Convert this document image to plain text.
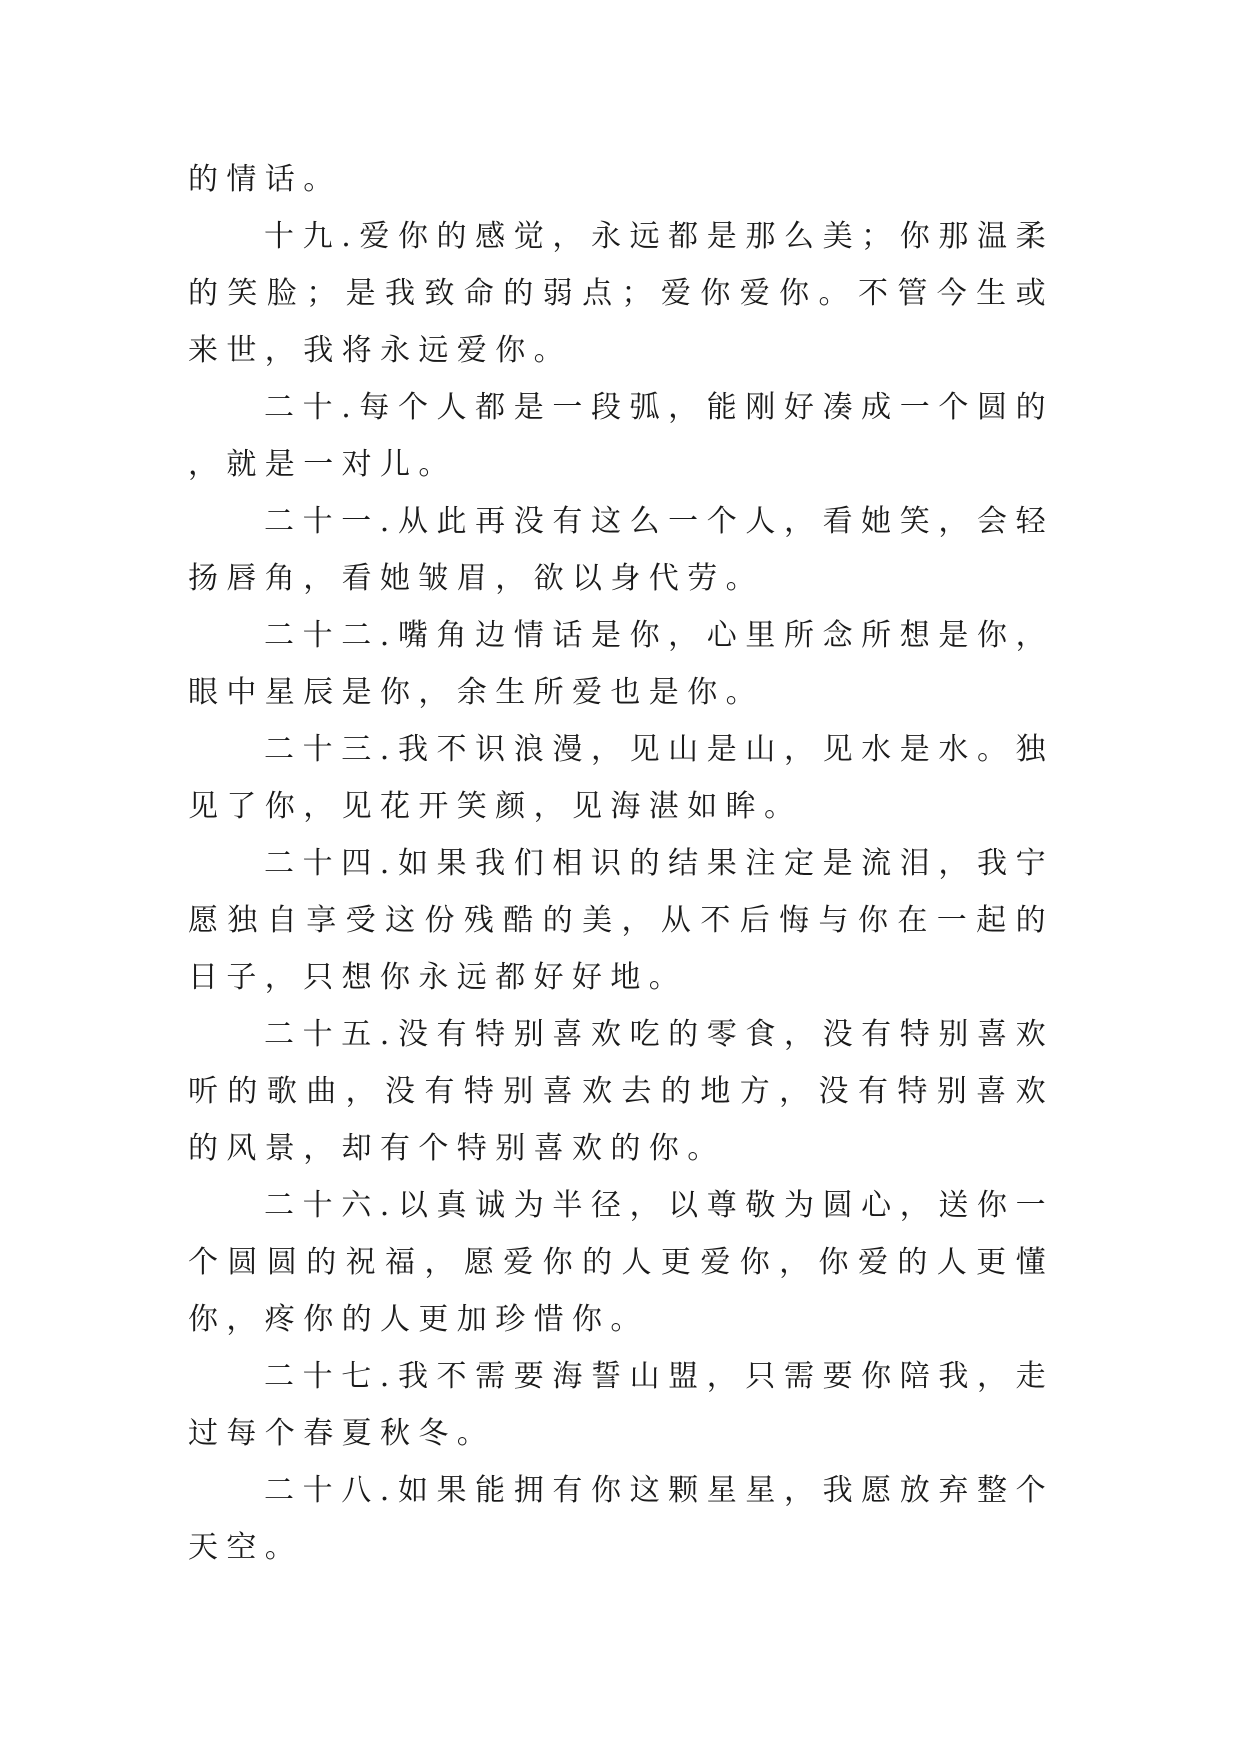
的情话。

十九.爱你的感觉，永远都是那么美；你那温柔的笑脸；是我致命的弱点；爱你爱你。不管今生或来世，我将永远爱你。

二十.每个人都是一段弧，能刚好凑成一个圆的，就是一对儿。

二十一.从此再没有这么一个人，看她笑，会轻扬唇角，看她皱眉，欲以身代劳。

二十二.嘴角边情话是你，心里所念所想是你，眼中星辰是你，余生所爱也是你。

二十三.我不识浪漫，见山是山，见水是水。独见了你，见花开笑颜，见海湛如眸。

二十四.如果我们相识的结果注定是流泪，我宁愿独自享受这份残酷的美，从不后悔与你在一起的日子，只想你永远都好好地。

二十五.没有特别喜欢吃的零食，没有特别喜欢听的歌曲，没有特别喜欢去的地方，没有特别喜欢的风景，却有个特别喜欢的你。

二十六.以真诚为半径，以尊敬为圆心，送你一个圆圆的祝福，愿爱你的人更爱你，你爱的人更懂你，疼你的人更加珍惜你。

二十七.我不需要海誓山盟，只需要你陪我，走过每个春夏秋冬。

二十八.如果能拥有你这颗星星，我愿放弃整个天空。
